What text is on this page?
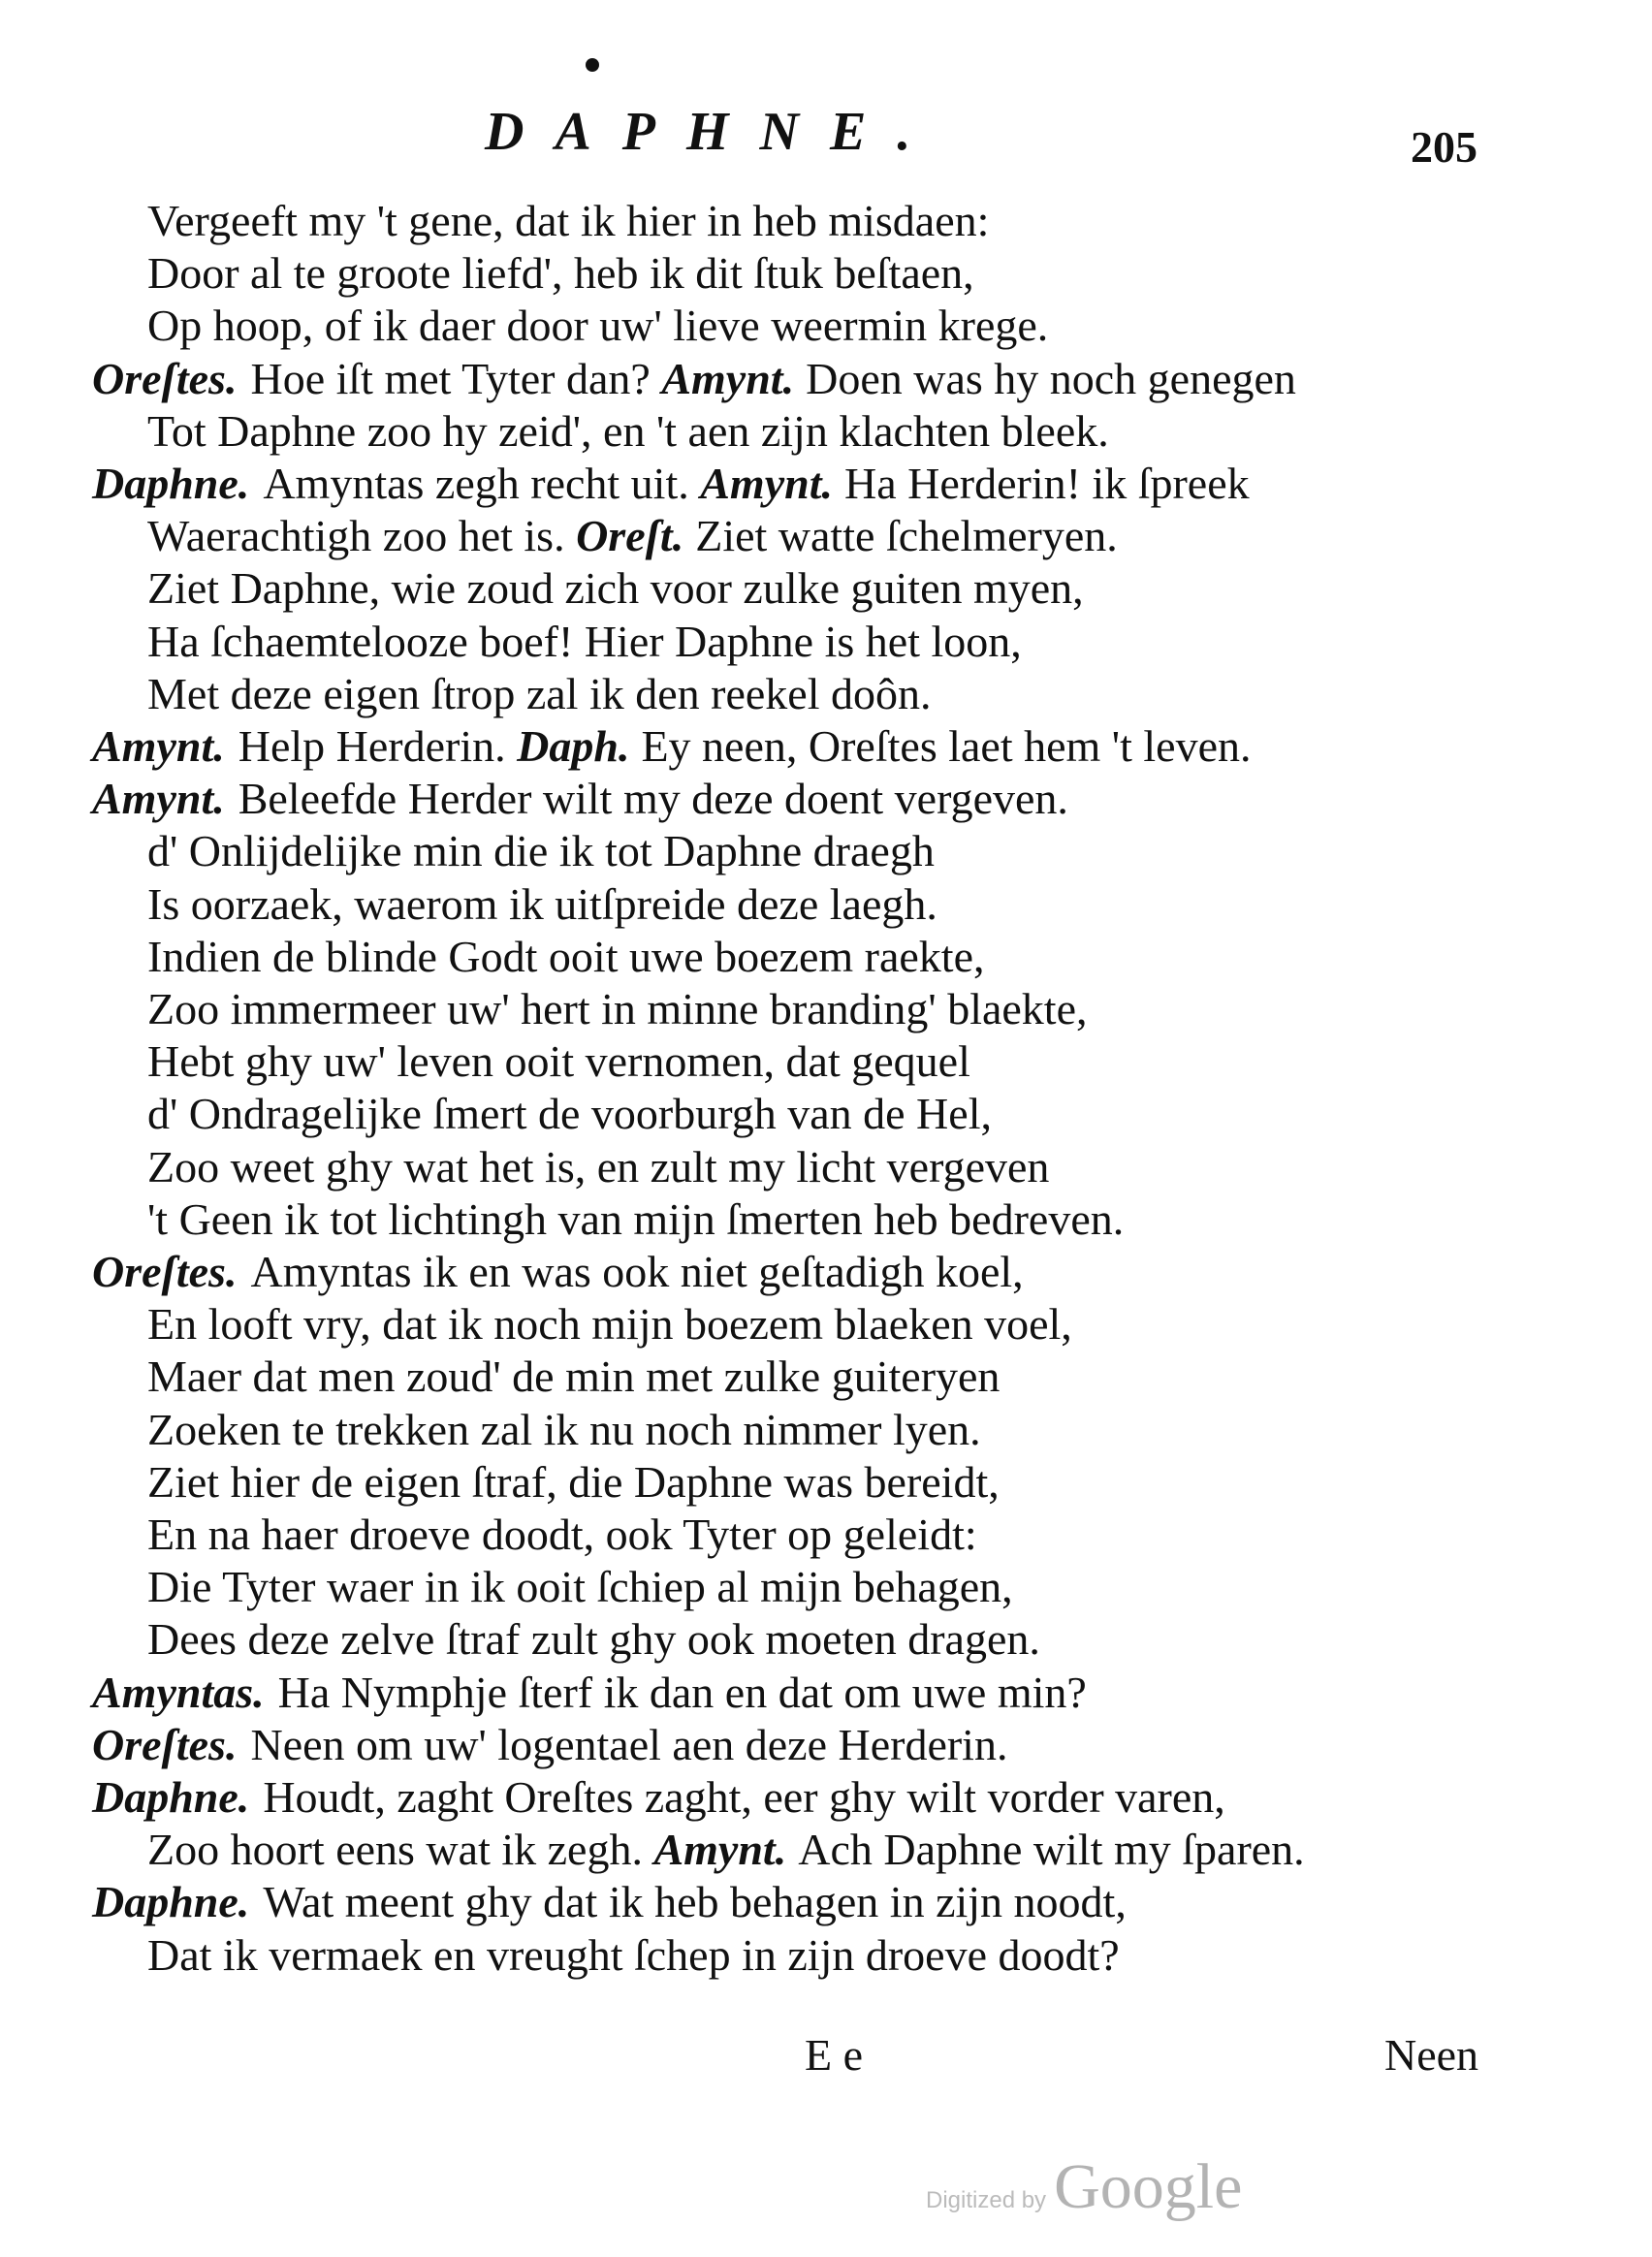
DAPHNE.	205
Vergeeft my 't gene, dat ik hier in heb misdaen:
Door al te groote liefd', heb ik dit ſtuk beſtaen,
Op hoop, of ik daer door uw' lieve weermin krege.
Oreſtes. Hoe iſt met Tyter dan? Amynt. Doen was hy noch genegen
Tot Daphne zoo hy zeid', en 't aen zijn klachten bleek.
Daphne. Amyntas zegh recht uit. Amynt. Ha Herderin! ik ſpreek
Waerachtigh zoo het is. Oreſt. Ziet watte ſchelmeryen.
Ziet Daphne, wie zoud zich voor zulke guiten myen,
Ha ſchaemtelooze boef! Hier Daphne is het loon,
Met deze eigen ſtrop zal ik den reekel doôn.
Amynt. Help Herderin. Daph. Ey neen, Oreſtes laet hem 't leven.
Amynt. Beleefde Herder wilt my deze doent vergeven.
d' Onlijdelijke min die ik tot Daphne draegh
Is oorzaek, waerom ik uitſpreide deze laegh.
Indien de blinde Godt ooit uwe boezem raekte,
Zoo immermeer uw' hert in minne branding' blaekte,
Hebt ghy uw' leven ooit vernomen, dat gequel
d' Ondragelijke ſmert de voorburgh van de Hel,
Zoo weet ghy wat het is, en zult my licht vergeven
't Geen ik tot lichtingh van mijn ſmerten heb bedreven.
Oreſtes. Amyntas ik en was ook niet geſtadigh koel,
En looft vry, dat ik noch mijn boezem blaeken voel,
Maer dat men zoud' de min met zulke guiteryen
Zoeken te trekken zal ik nu noch nimmer lyen.
Ziet hier de eigen ſtraf, die Daphne was bereidt,
En na haer droeve doodt, ook Tyter op geleidt:
Die Tyter waer in ik ooit ſchiep al mijn behagen,
Dees deze zelve ſtraf zult ghy ook moeten dragen.
Amyntas. Ha Nymphje ſterf ik dan en dat om uwe min?
Oreſtes. Neen om uw' logentael aen deze Herderin.
Daphne. Houdt, zaght Oreſtes zaght, eer ghy wilt vorder varen,
Zoo hoort eens wat ik zegh. Amynt. Ach Daphne wilt my ſparen.
Daphne. Wat meent ghy dat ik heb behagen in zijn noodt,
Dat ik vermaek en vreught ſchep in zijn droeve doodt?
E e	Neen
Digitized by Google
